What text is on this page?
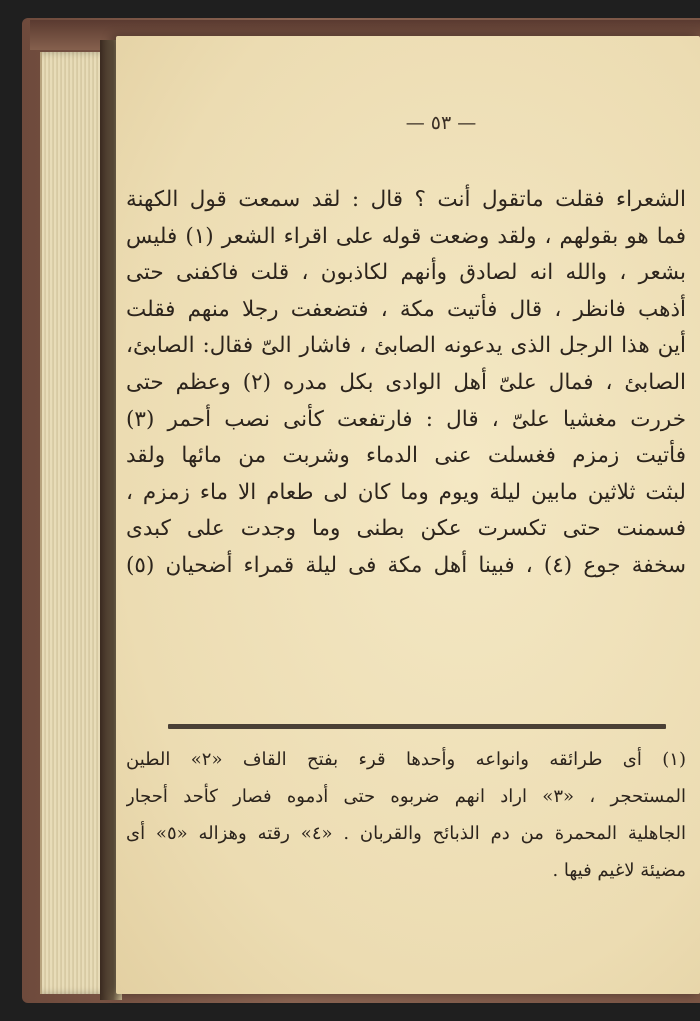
— ٥٣ —
الشعراء فقلت ماتقول أنت ؟ قال : لقد سمعت قول الكهنة
فما هو بقولهم ، ولقد وضعت قوله على اقراء الشعر (١) فليس
بشعر ، والله انه لصادق وأنهم لكاذبون ، قلت فاكفنى حتى
أذهب فانظر ، قال فأتيت مكة ، فتضعفت رجلا منهم فقلت
أين هذا الرجل الذى يدعونه الصابئ ، فاشار الىّ فقال: الصابئ،
الصابئ ، فمال علىّ أهل الوادى بكل مدره (٢) وعظم حتى
خررت مغشيا علىّ ، قال : فارتفعت كأنى نصب أحمر (٣)
فأتيت زمزم فغسلت عنى الدماء وشربت من مائها ولقد
لبثت ثلاثين مابين ليلة ويوم وما كان لى طعام الا ماء زمزم ،
فسمنت حتى تكسرت عكن بطنى وما وجدت على كبدى
سخفة جوع (٤) ، فبينا أهل مكة فى ليلة قمراء أضحيان (٥)
(١) أى طرائقه وانواعه وأحدها قرء بفتح القاف «٢» الطين
المستحجر ، «٣» اراد انهم ضربوه حتى أدموه فصار كأحد أحجار
الجاهلية المحمرة من دم الذبائح والقربان . «٤» رقته وهزاله «٥» أى
مضيئة لاغيم فيها .
